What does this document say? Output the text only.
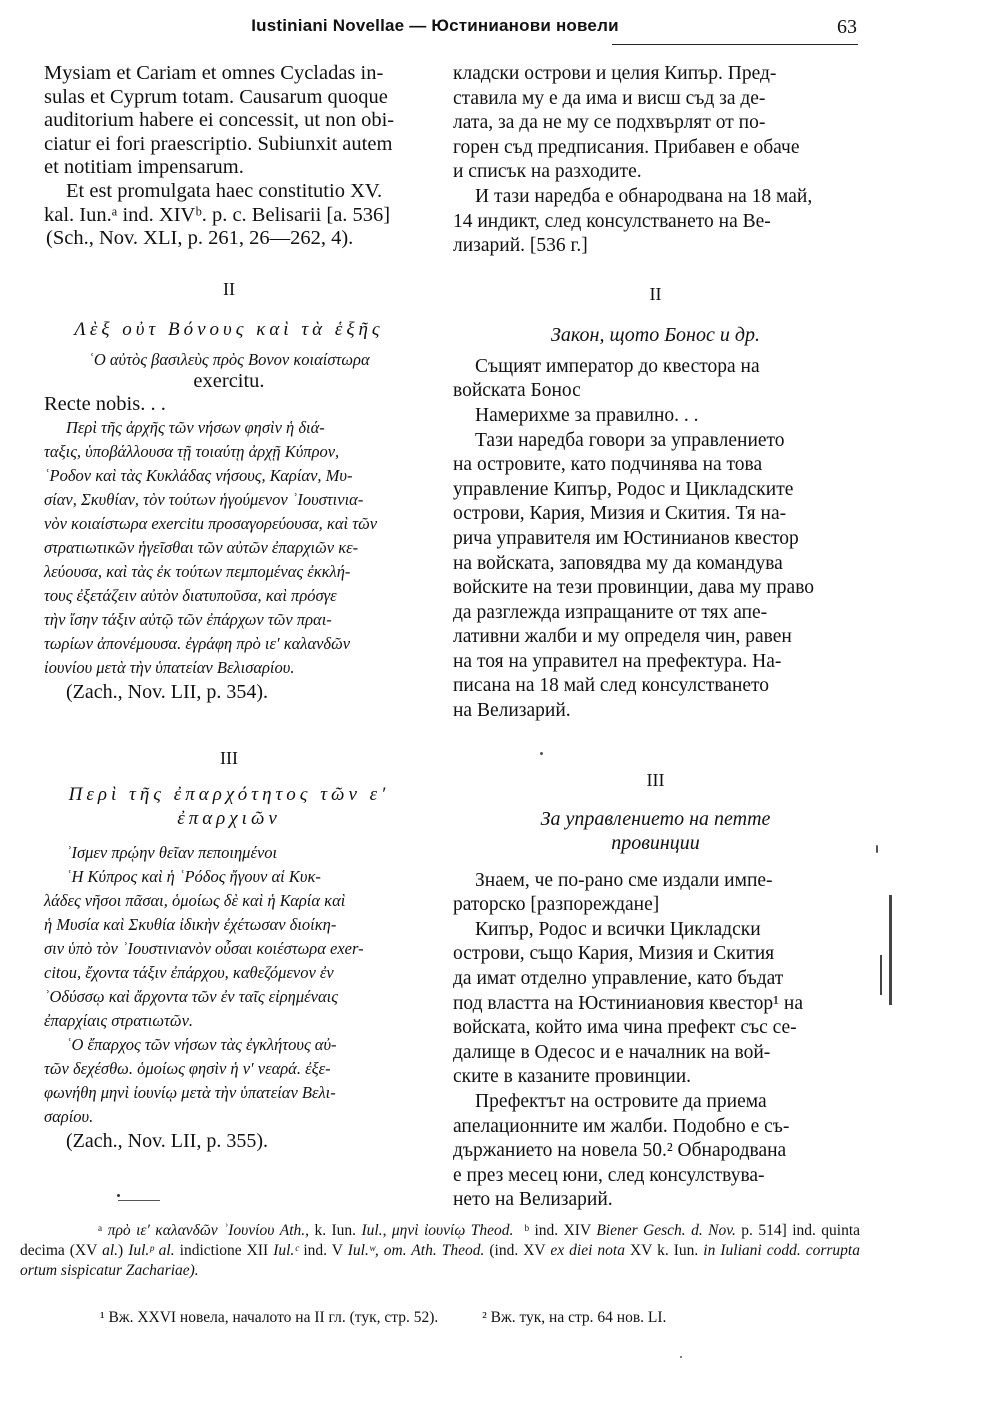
Iustiniani Novellae — Юстинианови новели	63
Mysiam et Cariam et omnes Cycladas in-
sulas et Cyprum totam. Causarum quoque
auditorium habere ei concessit, ut non obi-
ciatur ei fori praescriptio. Subiunxit autem
et notitiam impensarum.
Et est promulgata haec constitutio XV.
kal. Iun.ᵃ ind. XIVᵇ. p. c. Belisarii [a. 536]
(Sch., Nov. XLI, p. 261, 26—262, 4).

II

Λὲξ οὐτ Βόνους καὶ τὰ ἑξῆς

ʿΟ αὐτὸς βασιλεὺς πρὸς Βονον κοιαίστωρα
exercitu.
Recte nobis. . .
Περὶ τῆς ἀρχῆς τῶν νήσων φησὶν ἡ διά-
ταξις, ὑποβάλλουσα τῇ τοιαύτῃ ἀρχῇ Κύπρον,
ʿΡοδον καὶ τὰς Κυκλάδας νήσους, Καρίαν, Μυ-
σίαν, Σκυθίαν, τὸν τούτων ἡγούμενον ʾΙουστινια-
νὸν κοιαίστωρα exercitu προσαγορεύουσα, καὶ τῶν
στρατιωτικῶν ἡγεῖσθαι τῶν αὐτῶν ἐπαρχιῶν κε-
λεύουσα, καὶ τὰς ἐκ τούτων πεμπομένας ἐκκλή-
τους ἐξετάζειν αὐτὸν διατυποῦσα, καὶ πρόσγε
τὴν ἴσην τάξιν αὐτῷ τῶν ἐπάρχων τῶν πραι-
τωρίων ἀπονέμουσα. ἐγράφη πρὸ ιε′ καλανδῶν
ἰουνίου μετὰ τὴν ὑπατείαν Βελισαρίου.

(Zach., Nov. LII, p. 354).

III

Περὶ τῆς ἐπαρχότητος τῶν ε′

ἐπαρχιῶν

ʾΙσμεν πρῴην θεῖαν πεποιημένοι
ʿΗ Κύπρος καὶ ἡ ʿΡόδος ἤγουν αἱ Κυκ-
λάδες νῆσοι πᾶσαι, ὁμοίως δὲ καὶ ἡ Καρία καὶ
ἡ Μυσία καὶ Σκυθία ἰδικὴν ἐχέτωσαν διοίκη-
σιν ὑπὸ τὸν ʾΙουστινιανὸν οὖσαι κοιέστωρα exer-
citou, ἔχοντα τάξιν ἐπάρχου, καθεζόμενον ἐν
ʾΟδύσσῳ καὶ ἄρχοντα τῶν ἐν ταῖς εἰρημέναις
ἐπαρχίαις στρατιωτῶν.
ʿΟ ἔπαρχος τῶν νήσων τὰς ἐγκλήτους αὐ-
τῶν δεχέσθω. ὁμοίως φησὶν ἡ ν′ νεαρά. ἐξε-
φωνήθη μηνὶ ἰουνίῳ μετὰ τὴν ὑπατείαν Βελι-
σαρίου.

(Zach., Nov. LII, p. 355).

кладски острови и целия Кипър. Пред-
ставила му е да има и висш съд за де-
лата, за да не му се подхвърлят от по-
горен съд предписания. Прибавен е обаче
и списък на разходите.
И тази наредба е обнародвана на 18 май,
14 индикт, след консулстването на Ве-
лизарий. [536 г.]

II

Закон, щото Бонос и др.

Същият император до квестора на
войската Бонос
Намерихме за правилно. . .
Тази наредба говори за управлението
на островите, като подчинява на това
управление Кипър, Родос и Цикладските
острови, Кария, Мизия и Скития. Тя на-
рича управителя им Юстинианов квестор
на войската, заповядва му да командува
войските на тези провинции, дава му право
да разглежда изпращаните от тях апе-
лативни жалби и му определя чин, равен
на тоя на управител на префектура. На-
писана на 18 май след консулстването
на Велизарий.

III

За управлението на петте

провинции

Знаем, че по-рано сме издали импе-
раторско [разпореждане]
Кипър, Родос и всички Цикладски
острови, също Кария, Мизия и Скития
да имат отделно управление, като бъдат
под властта на Юстиниановия квестор¹ на
войската, който има чина префект със се-
далище в Одесос и е началник на вой-
ските в казаните провинции.
Префектът на островите да приема
апелационните им жалби. Подобно е съ-
държанието на новела 50.² Обнародвана
е през месец юни, след консулствува-
нето на Велизарий.
ᵃ πρὸ ιε′ καλανδῶν ʾΙουνίου Ath., k. Iun. Iul., μηνὶ ἰουνίῳ Theod. ᵇ ind. XIV Biener Gesch. d. Nov. p. 514] ind. quinta decima (XV al.) Iul.ᵖ al. indictione XII Iul.ᶜ ind. V Iul.ʷ, om. Ath. Theod. (ind. XV ex diei nota XV k. Iun. in Iuliani codd. corrupta ortum sispicatur Zachariae).
¹ Вж. XXVI новела, началото на II гл. (тук, стр. 52).	² Вж. тук, на стр. 64 нов. LI.
